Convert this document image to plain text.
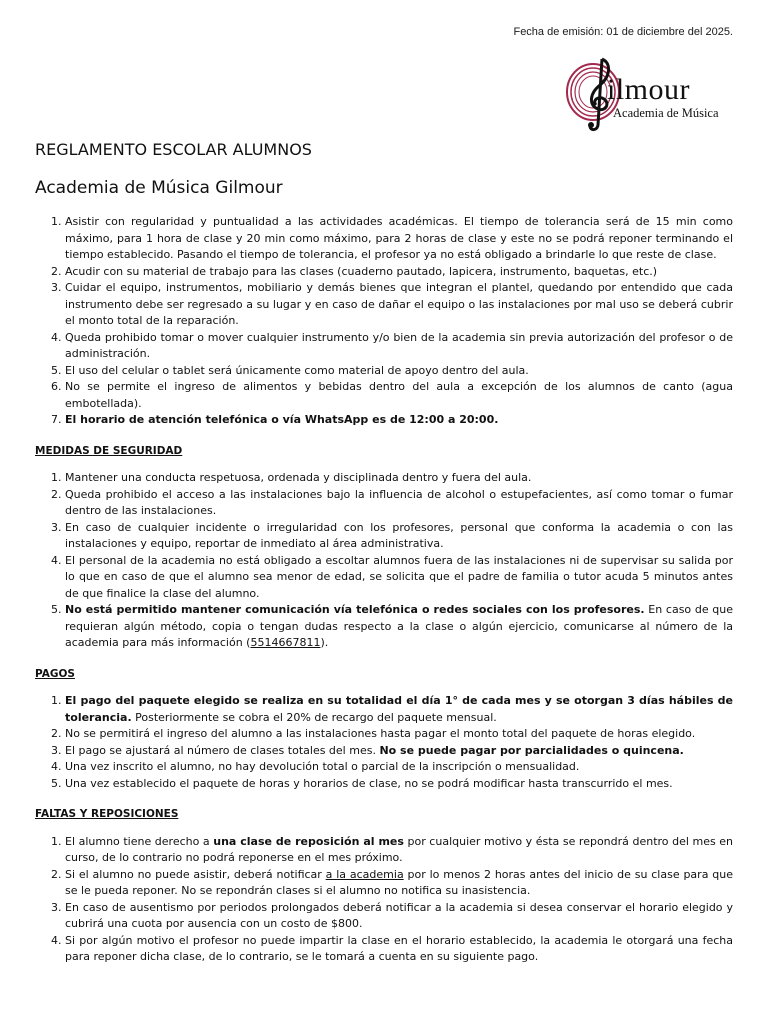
Fecha de emisión: 01 de diciembre del 2025.
ilmour
Academia de Música
REGLAMENTO ESCOLAR ALUMNOS
Academia de Música Gilmour
1. Asistir con regularidad y puntualidad a las actividades académicas. El tiempo de tolerancia será de 15 min como máximo, para 1 hora de clase y 20 min como máximo, para 2 horas de clase y este no se podrá reponer terminando el tiempo establecido. Pasando el tiempo de tolerancia, el profesor ya no está obligado a brindarle lo que reste de clase.
2. Acudir con su material de trabajo para las clases (cuaderno pautado, lapicera, instrumento, baquetas, etc.)
3. Cuidar el equipo, instrumentos, mobiliario y demás bienes que integran el plantel, quedando por entendido que cada instrumento debe ser regresado a su lugar y en caso de dañar el equipo o las instalaciones por mal uso se deberá cubrir el monto total de la reparación.
4. Queda prohibido tomar o mover cualquier instrumento y/o bien de la academia sin previa autorización del profesor o de administración.
5. El uso del celular o tablet será únicamente como material de apoyo dentro del aula.
6. No se permite el ingreso de alimentos y bebidas dentro del aula a excepción de los alumnos de canto (agua embotellada).
7. El horario de atención telefónica o vía WhatsApp es de 12:00 a 20:00.
MEDIDAS DE SEGURIDAD
1. Mantener una conducta respetuosa, ordenada y disciplinada dentro y fuera del aula.
2. Queda prohibido el acceso a las instalaciones bajo la influencia de alcohol o estupefacientes, así como tomar o fumar dentro de las instalaciones.
3. En caso de cualquier incidente o irregularidad con los profesores, personal que conforma la academia o con las instalaciones y equipo, reportar de inmediato al área administrativa.
4. El personal de la academia no está obligado a escoltar alumnos fuera de las instalaciones ni de supervisar su salida por lo que en caso de que el alumno sea menor de edad, se solicita que el padre de familia o tutor acuda 5 minutos antes de que finalice la clase del alumno.
5. No está permitido mantener comunicación vía telefónica o redes sociales con los profesores. En caso de que requieran algún método, copia o tengan dudas respecto a la clase o algún ejercicio, comunicarse al número de la academia para más información (5514667811).
PAGOS
1. El pago del paquete elegido se realiza en su totalidad el día 1° de cada mes y se otorgan 3 días hábiles de tolerancia. Posteriormente se cobra el 20% de recargo del paquete mensual.
2. No se permitirá el ingreso del alumno a las instalaciones hasta pagar el monto total del paquete de horas elegido.
3. El pago se ajustará al número de clases totales del mes. No se puede pagar por parcialidades o quincena.
4. Una vez inscrito el alumno, no hay devolución total o parcial de la inscripción o mensualidad.
5. Una vez establecido el paquete de horas y horarios de clase, no se podrá modificar hasta transcurrido el mes.
FALTAS Y REPOSICIONES
1. El alumno tiene derecho a una clase de reposición al mes por cualquier motivo y ésta se repondrá dentro del mes en curso, de lo contrario no podrá reponerse en el mes próximo.
2. Si el alumno no puede asistir, deberá notificar a la academia por lo menos 2 horas antes del inicio de su clase para que se le pueda reponer. No se repondrán clases si el alumno no notifica su inasistencia.
3. En caso de ausentismo por periodos prolongados deberá notificar a la academia si desea conservar el horario elegido y cubrirá una cuota por ausencia con un costo de $800.
4. Si por algún motivo el profesor no puede impartir la clase en el horario establecido, la academia le otorgará una fecha para reponer dicha clase, de lo contrario, se le tomará a cuenta en su siguiente pago.
